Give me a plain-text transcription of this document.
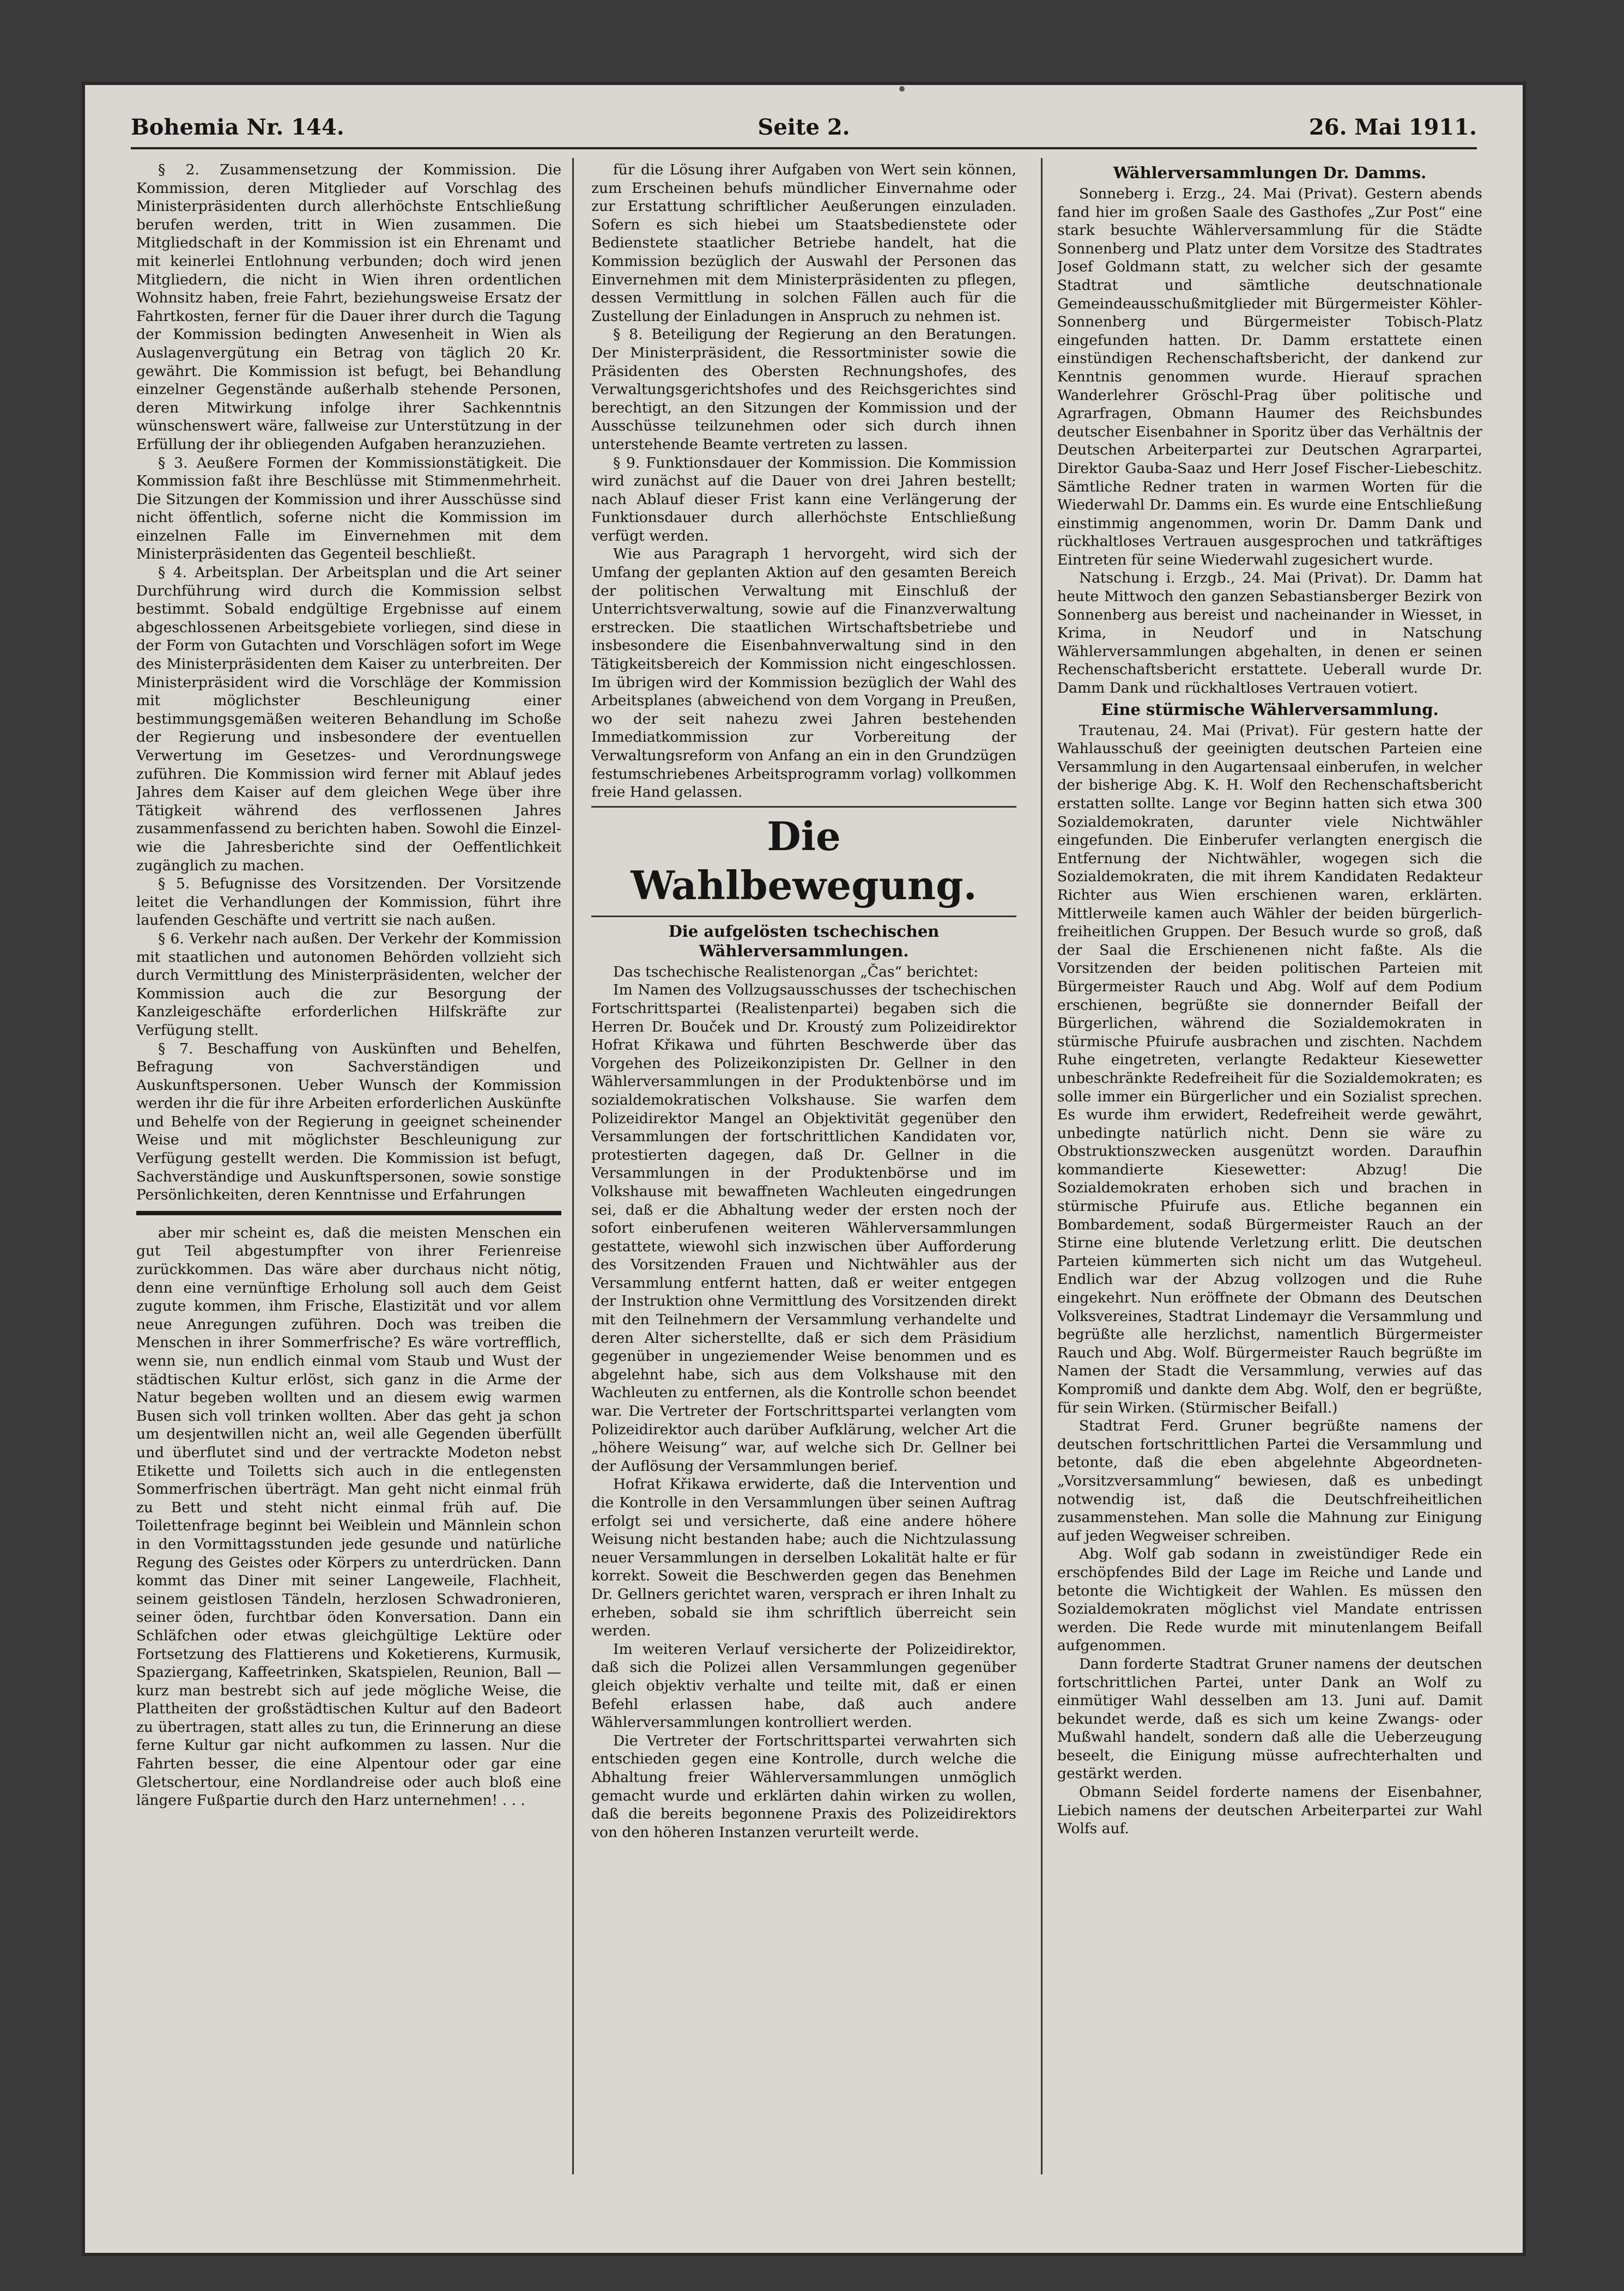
Bohemia Nr. 144.	Seite 2.	26. Mai 1911.

§ 2. Zusammensetzung der Kommission. Die Kommission, deren Mitglieder auf Vorschlag des Ministerpräsidenten durch allerhöchste Entschließung berufen werden, tritt in Wien zusammen. Die Mitgliedschaft in der Kommission ist ein Ehrenamt und mit keinerlei Entlohnung verbunden; doch wird jenen Mitgliedern, die nicht in Wien ihren ordentlichen Wohnsitz haben, freie Fahrt, beziehungsweise Ersatz der Fahrtkosten, ferner für die Dauer ihrer durch die Tagung der Kommission bedingten Anwesenheit in Wien als Auslagenvergütung ein Betrag von täglich 20 Kr. gewährt. Die Kommission ist befugt, bei Behandlung einzelner Gegenstände außerhalb stehende Personen, deren Mitwirkung infolge ihrer Sachkenntnis wünschenswert wäre, fallweise zur Unterstützung in der Erfüllung der ihr obliegenden Aufgaben heranzuziehen.

§ 3. Aeußere Formen der Kommissionstätigkeit. Die Kommission faßt ihre Beschlüsse mit Stimmenmehrheit. Die Sitzungen der Kommission und ihrer Ausschüsse sind nicht öffentlich, soferne nicht die Kommission im einzelnen Falle im Einvernehmen mit dem Ministerpräsidenten das Gegenteil beschließt.

§ 4. Arbeitsplan. Der Arbeitsplan und die Art seiner Durchführung wird durch die Kommission selbst bestimmt. Sobald endgültige Ergebnisse auf einem abgeschlossenen Arbeitsgebiete vorliegen, sind diese in der Form von Gutachten und Vorschlägen sofort im Wege des Ministerpräsidenten dem Kaiser zu unterbreiten. Der Ministerpräsident wird die Vorschläge der Kommission mit möglichster Beschleunigung einer bestimmungsgemäßen weiteren Behandlung im Schoße der Regierung und insbesondere der eventuellen Verwertung im Gesetzes- und Verordnungswege zuführen. Die Kommission wird ferner mit Ablauf jedes Jahres dem Kaiser auf dem gleichen Wege über ihre Tätigkeit während des verflossenen Jahres zusammenfassend zu berichten haben. Sowohl die Einzel- wie die Jahresberichte sind der Oeffentlichkeit zugänglich zu machen.

§ 5. Befugnisse des Vorsitzenden. Der Vorsitzende leitet die Verhandlungen der Kommission, führt ihre laufenden Geschäfte und vertritt sie nach außen.

§ 6. Verkehr nach außen. Der Verkehr der Kommission mit staatlichen und autonomen Behörden vollzieht sich durch Vermittlung des Ministerpräsidenten, welcher der Kommission auch die zur Besorgung der Kanzleigeschäfte erforderlichen Hilfskräfte zur Verfügung stellt.

§ 7. Beschaffung von Auskünften und Behelfen, Befragung von Sachverständigen und Auskunftspersonen. Ueber Wunsch der Kommission werden ihr die für ihre Arbeiten erforderlichen Auskünfte und Behelfe von der Regierung in geeignet scheinender Weise und mit möglichster Beschleunigung zur Verfügung gestellt werden. Die Kommission ist befugt, Sachverständige und Auskunftspersonen, sowie sonstige Persönlichkeiten, deren Kenntnisse und Erfahrungen

aber mir scheint es, daß die meisten Menschen ein gut Teil abgestumpfter von ihrer Ferienreise zurückkommen. Das wäre aber durchaus nicht nötig, denn eine vernünftige Erholung soll auch dem Geist zugute kommen, ihm Frische, Elastizität und vor allem neue Anregungen zuführen. Doch was treiben die Menschen in ihrer Sommerfrische? Es wäre vortrefflich, wenn sie, nun endlich einmal vom Staub und Wust der städtischen Kultur erlöst, sich ganz in die Arme der Natur begeben wollten und an diesem ewig warmen Busen sich voll trinken wollten. Aber das geht ja schon um desjentwillen nicht an, weil alle Gegenden überfüllt und überflutet sind und der vertrackte Modeton nebst Etikette und Toiletts sich auch in die entlegensten Sommerfrischen überträgt. Man geht nicht einmal früh zu Bett und steht nicht einmal früh auf. Die Toilettenfrage beginnt bei Weiblein und Männlein schon in den Vormittagsstunden jede gesunde und natürliche Regung des Geistes oder Körpers zu unterdrücken. Dann kommt das Diner mit seiner Langeweile, Flachheit, seinem geistlosen Tändeln, herzlosen Schwadronieren, seiner öden, furchtbar öden Konversation. Dann ein Schläfchen oder etwas gleichgültige Lektüre oder Fortsetzung des Flattierens und Koketierens, Kurmusik, Spaziergang, Kaffeetrinken, Skatspielen, Reunion, Ball — kurz man bestrebt sich auf jede mögliche Weise, die Plattheiten der großstädtischen Kultur auf den Badeort zu übertragen, statt alles zu tun, die Erinnerung an diese ferne Kultur gar nicht aufkommen zu lassen. Nur die Fahrten besser, die eine Alpentour oder gar eine Gletschertour, eine Nordlandreise oder auch bloß eine längere Fußpartie durch den Harz unternehmen! . . .

für die Lösung ihrer Aufgaben von Wert sein können, zum Erscheinen behufs mündlicher Einvernahme oder zur Erstattung schriftlicher Aeußerungen einzuladen. Sofern es sich hiebei um Staatsbedienstete oder Bedienstete staatlicher Betriebe handelt, hat die Kommission bezüglich der Auswahl der Personen das Einvernehmen mit dem Ministerpräsidenten zu pflegen, dessen Vermittlung in solchen Fällen auch für die Zustellung der Einladungen in Anspruch zu nehmen ist.

§ 8. Beteiligung der Regierung an den Beratungen. Der Ministerpräsident, die Ressortminister sowie die Präsidenten des Obersten Rechnungshofes, des Verwaltungsgerichtshofes und des Reichsgerichtes sind berechtigt, an den Sitzungen der Kommission und der Ausschüsse teilzunehmen oder sich durch ihnen unterstehende Beamte vertreten zu lassen.

§ 9. Funktionsdauer der Kommission. Die Kommission wird zunächst auf die Dauer von drei Jahren bestellt; nach Ablauf dieser Frist kann eine Verlängerung der Funktionsdauer durch allerhöchste Entschließung verfügt werden.

Wie aus Paragraph 1 hervorgeht, wird sich der Umfang der geplanten Aktion auf den gesamten Bereich der politischen Verwaltung mit Einschluß der Unterrichtsverwaltung, sowie auf die Finanzverwaltung erstrecken. Die staatlichen Wirtschaftsbetriebe und insbesondere die Eisenbahnverwaltung sind in den Tätigkeitsbereich der Kommission nicht eingeschlossen. Im übrigen wird der Kommission bezüglich der Wahl des Arbeitsplanes (abweichend von dem Vorgang in Preußen, wo der seit nahezu zwei Jahren bestehenden Immediatkommission zur Vorbereitung der Verwaltungsreform von Anfang an ein in den Grundzügen festumschriebenes Arbeitsprogramm vorlag) vollkommen freie Hand gelassen.

Die Wahlbewegung.
Die aufgelösten tschechischen Wählerversammlungen.

Das tschechische Realistenorgan „Čas“ berichtet:

Im Namen des Vollzugsausschusses der tschechischen Fortschrittspartei (Realistenpartei) begaben sich die Herren Dr. Bouček und Dr. Kroustý zum Polizeidirektor Hofrat Křikawa und führten Beschwerde über das Vorgehen des Polizeikonzipisten Dr. Gellner in den Wählerversammlungen in der Produktenbörse und im sozialdemokratischen Volkshause. Sie warfen dem Polizeidirektor Mangel an Objektivität gegenüber den Versammlungen der fortschrittlichen Kandidaten vor, protestierten dagegen, daß Dr. Gellner in die Versammlungen in der Produktenbörse und im Volkshause mit bewaffneten Wachleuten eingedrungen sei, daß er die Abhaltung weder der ersten noch der sofort einberufenen weiteren Wählerversammlungen gestattete, wiewohl sich inzwischen über Aufforderung des Vorsitzenden Frauen und Nichtwähler aus der Versammlung entfernt hatten, daß er weiter entgegen der Instruktion ohne Vermittlung des Vorsitzenden direkt mit den Teilnehmern der Versammlung verhandelte und deren Alter sicherstellte, daß er sich dem Präsidium gegenüber in ungeziemender Weise benommen und es abgelehnt habe, sich aus dem Volkshause mit den Wachleuten zu entfernen, als die Kontrolle schon beendet war. Die Vertreter der Fortschrittspartei verlangten vom Polizeidirektor auch darüber Aufklärung, welcher Art die „höhere Weisung“ war, auf welche sich Dr. Gellner bei der Auflösung der Versammlungen berief.

Hofrat Křikawa erwiderte, daß die Intervention und die Kontrolle in den Versammlungen über seinen Auftrag erfolgt sei und versicherte, daß eine andere höhere Weisung nicht bestanden habe; auch die Nichtzulassung neuer Versammlungen in derselben Lokalität halte er für korrekt. Soweit die Beschwerden gegen das Benehmen Dr. Gellners gerichtet waren, versprach er ihren Inhalt zu erheben, sobald sie ihm schriftlich überreicht sein werden.

Im weiteren Verlauf versicherte der Polizeidirektor, daß sich die Polizei allen Versammlungen gegenüber gleich objektiv verhalte und teilte mit, daß er einen Befehl erlassen habe, daß auch andere Wählerversammlungen kontrolliert werden.

Die Vertreter der Fortschrittspartei verwahrten sich entschieden gegen eine Kontrolle, durch welche die Abhaltung freier Wählerversammlungen unmöglich gemacht wurde und erklärten dahin wirken zu wollen, daß die bereits begonnene Praxis des Polizeidirektors von den höheren Instanzen verurteilt werde.

Wählerversammlungen Dr. Damms.

Sonneberg i. Erzg., 24. Mai (Privat). Gestern abends fand hier im großen Saale des Gasthofes „Zur Post“ eine stark besuchte Wählerversammlung für die Städte Sonnenberg und Platz unter dem Vorsitze des Stadtrates Josef Goldmann statt, zu welcher sich der gesamte Stadtrat und sämtliche deutschnationale Gemeindeausschußmitglieder mit Bürgermeister Köhler-Sonnenberg und Bürgermeister Tobisch-Platz eingefunden hatten. Dr. Damm erstattete einen einstündigen Rechenschaftsbericht, der dankend zur Kenntnis genommen wurde. Hierauf sprachen Wanderlehrer Gröschl-Prag über politische und Agrarfragen, Obmann Haumer des Reichsbundes deutscher Eisenbahner in Sporitz über das Verhältnis der Deutschen Arbeiterpartei zur Deutschen Agrarpartei, Direktor Gauba-Saaz und Herr Josef Fischer-Liebeschitz. Sämtliche Redner traten in warmen Worten für die Wiederwahl Dr. Damms ein. Es wurde eine Entschließung einstimmig angenommen, worin Dr. Damm Dank und rückhaltloses Vertrauen ausgesprochen und tatkräftiges Eintreten für seine Wiederwahl zugesichert wurde.

Natschung i. Erzgb., 24. Mai (Privat). Dr. Damm hat heute Mittwoch den ganzen Sebastiansberger Bezirk von Sonnenberg aus bereist und nacheinander in Wiesset, in Krima, in Neudorf und in Natschung Wählerversammlungen abgehalten, in denen er seinen Rechenschaftsbericht erstattete. Ueberall wurde Dr. Damm Dank und rückhaltloses Vertrauen votiert.

Eine stürmische Wählerversammlung.

Trautenau, 24. Mai (Privat). Für gestern hatte der Wahlausschuß der geeinigten deutschen Parteien eine Versammlung in den Augartensaal einberufen, in welcher der bisherige Abg. K. H. Wolf den Rechenschaftsbericht erstatten sollte. Lange vor Beginn hatten sich etwa 300 Sozialdemokraten, darunter viele Nichtwähler eingefunden. Die Einberufer verlangten energisch die Entfernung der Nichtwähler, wogegen sich die Sozialdemokraten, die mit ihrem Kandidaten Redakteur Richter aus Wien erschienen waren, erklärten. Mittlerweile kamen auch Wähler der beiden bürgerlich-freiheitlichen Gruppen. Der Besuch wurde so groß, daß der Saal die Erschienenen nicht faßte. Als die Vorsitzenden der beiden politischen Parteien mit Bürgermeister Rauch und Abg. Wolf auf dem Podium erschienen, begrüßte sie donnernder Beifall der Bürgerlichen, während die Sozialdemokraten in stürmische Pfuirufe ausbrachen und zischten. Nachdem Ruhe eingetreten, verlangte Redakteur Kiesewetter unbeschränkte Redefreiheit für die Sozialdemokraten; es solle immer ein Bürgerlicher und ein Sozialist sprechen. Es wurde ihm erwidert, Redefreiheit werde gewährt, unbedingte natürlich nicht. Denn sie wäre zu Obstruktionszwecken ausgenützt worden. Daraufhin kommandierte Kiesewetter: Abzug! Die Sozialdemokraten erhoben sich und brachen in stürmische Pfuirufe aus. Etliche begannen ein Bombardement, sodaß Bürgermeister Rauch an der Stirne eine blutende Verletzung erlitt. Die deutschen Parteien kümmerten sich nicht um das Wutgeheul. Endlich war der Abzug vollzogen und die Ruhe eingekehrt. Nun eröffnete der Obmann des Deutschen Volksvereines, Stadtrat Lindemayr die Versammlung und begrüßte alle herzlichst, namentlich Bürgermeister Rauch und Abg. Wolf. Bürgermeister Rauch begrüßte im Namen der Stadt die Versammlung, verwies auf das Kompromiß und dankte dem Abg. Wolf, den er begrüßte, für sein Wirken. (Stürmischer Beifall.)

Stadtrat Ferd. Gruner begrüßte namens der deutschen fortschrittlichen Partei die Versammlung und betonte, daß die eben abgelehnte Abgeordneten-„Vorsitzversammlung“ bewiesen, daß es unbedingt notwendig ist, daß die Deutschfreiheitlichen zusammenstehen. Man solle die Mahnung zur Einigung auf jeden Wegweiser schreiben.

Abg. Wolf gab sodann in zweistündiger Rede ein erschöpfendes Bild der Lage im Reiche und Lande und betonte die Wichtigkeit der Wahlen. Es müssen den Sozialdemokraten möglichst viel Mandate entrissen werden. Die Rede wurde mit minutenlangem Beifall aufgenommen.

Dann forderte Stadtrat Gruner namens der deutschen fortschrittlichen Partei, unter Dank an Wolf zu einmütiger Wahl desselben am 13. Juni auf. Damit bekundet werde, daß es sich um keine Zwangs- oder Mußwahl handelt, sondern daß alle die Ueberzeugung beseelt, die Einigung müsse aufrechterhalten und gestärkt werden.

Obmann Seidel forderte namens der Eisenbahner, Liebich namens der deutschen Arbeiterpartei zur Wahl Wolfs auf.
